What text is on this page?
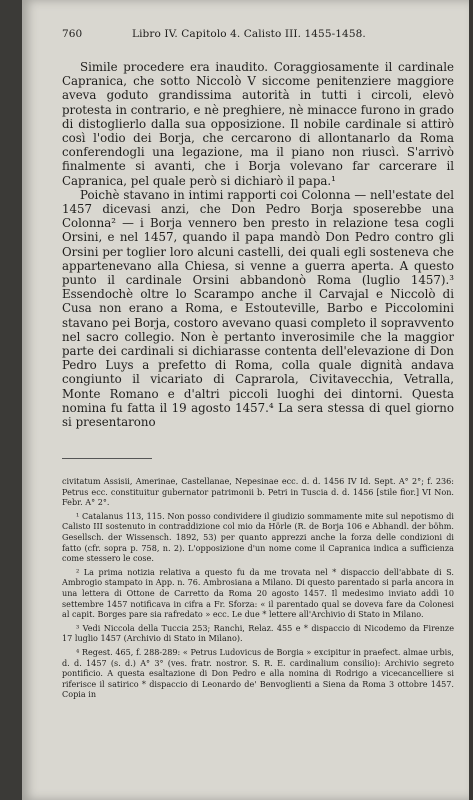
760	Libro IV. Capitolo 4. Calisto III. 1455-1458.

Simile procedere era inaudito. Coraggiosamente il cardinale Capranica, che sotto Niccolò V siccome penitenziere maggiore aveva goduto grandissima autorità in tutti i circoli, elevò protesta in contrario, e nè preghiere, nè minacce furono in grado di distoglierlo dalla sua opposizione. Il nobile cardinale si attirò così l'odio dei Borja, che cercarono di allontanarlo da Roma conferendogli una legazione, ma il piano non riuscì. S'arrivò finalmente si avanti, che i Borja volevano far carcerare il Capranica, pel quale però si dichiarò il papa.¹

Poichè stavano in intimi rapporti coi Colonna — nell'estate del 1457 dicevasi anzi, che Don Pedro Borja sposerebbe una Colonna² — i Borja vennero ben presto in relazione tesa cogli Orsini, e nel 1457, quando il papa mandò Don Pedro contro gli Orsini per toglier loro alcuni castelli, dei quali egli sosteneva che appartenevano alla Chiesa, si venne a guerra aperta. A questo punto il cardinale Orsini abbandonò Roma (luglio 1457).³ Essendochè oltre lo Scarampo anche il Carvajal e Niccolò di Cusa non erano a Roma, e Estouteville, Barbo e Piccolomini stavano pei Borja, costoro avevano quasi completo il sopravvento nel sacro collegio. Non è pertanto inverosimile che la maggior parte dei cardinali si dichiarasse contenta dell'elevazione di Don Pedro Luys a prefetto di Roma, colla quale dignità andava congiunto il vicariato di Caprarola, Civitavecchia, Vetralla, Monte Romano e d'altri piccoli luoghi dei dintorni. Questa nomina fu fatta il 19 agosto 1457.⁴ La sera stessa di quel giorno si presentarono

civitatum Assisii, Amerinae, Castellanae, Nepesinae ecc. d. d. 1456 IV Id. Sept. A° 2°; f. 236: Petrus ecc. constituitur gubernator patrimonii b. Petri in Tuscia d. d. 1456 [stile fior.] VI Non. Febr. A° 2°.

¹ Catalanus 113, 115. Non posso condividere il giudizio sommamente mite sul nepotismo di Calisto III sostenuto in contraddizione col mio da Hörle (R. de Borja 106 e Abhandl. der böhm. Gesellsch. der Wissensch. 1892, 53) per quanto apprezzi anche la forza delle condizioni di fatto (cfr. sopra p. 758, n. 2). L'opposizione d'un nome come il Capranica indica a sufficienza come stessero le cose.

² La prima notizia relativa a questo fu da me trovata nel * dispaccio dell'abbate di S. Ambrogio stampato in App. n. 76. Ambrosiana a Milano. Di questo parentado si parla ancora in una lettera di Ottone de Carretto da Roma 20 agosto 1457. Il medesimo inviato addì 10 settembre 1457 notificava in cifra a Fr. Sforza: « il parentado qual se doveva fare da Colonesi al capit. Borges pare sia rafredato » ecc. Le due * lettere all'Archivio di Stato in Milano.

³ Vedi Niccola della Tuccia 253; Ranchi, Relaz. 455 e * dispaccio di Nicodemo da Firenze 17 luglio 1457 (Archivio di Stato in Milano).

⁴ Regest. 465, f. 288-289: « Petrus Ludovicus de Borgia » excipitur in praefect. almae urbis, d. d. 1457 (s. d.) A° 3° (ves. fratr. nostror. S. R. E. cardinalium consilio): Archivio segreto pontificio. A questa esaltazione di Don Pedro e alla nomina di Rodrigo a vicecancelliere si riferisce il satirico * dispaccio di Leonardo de' Benvoglienti a Siena da Roma 3 ottobre 1457. Copia in
